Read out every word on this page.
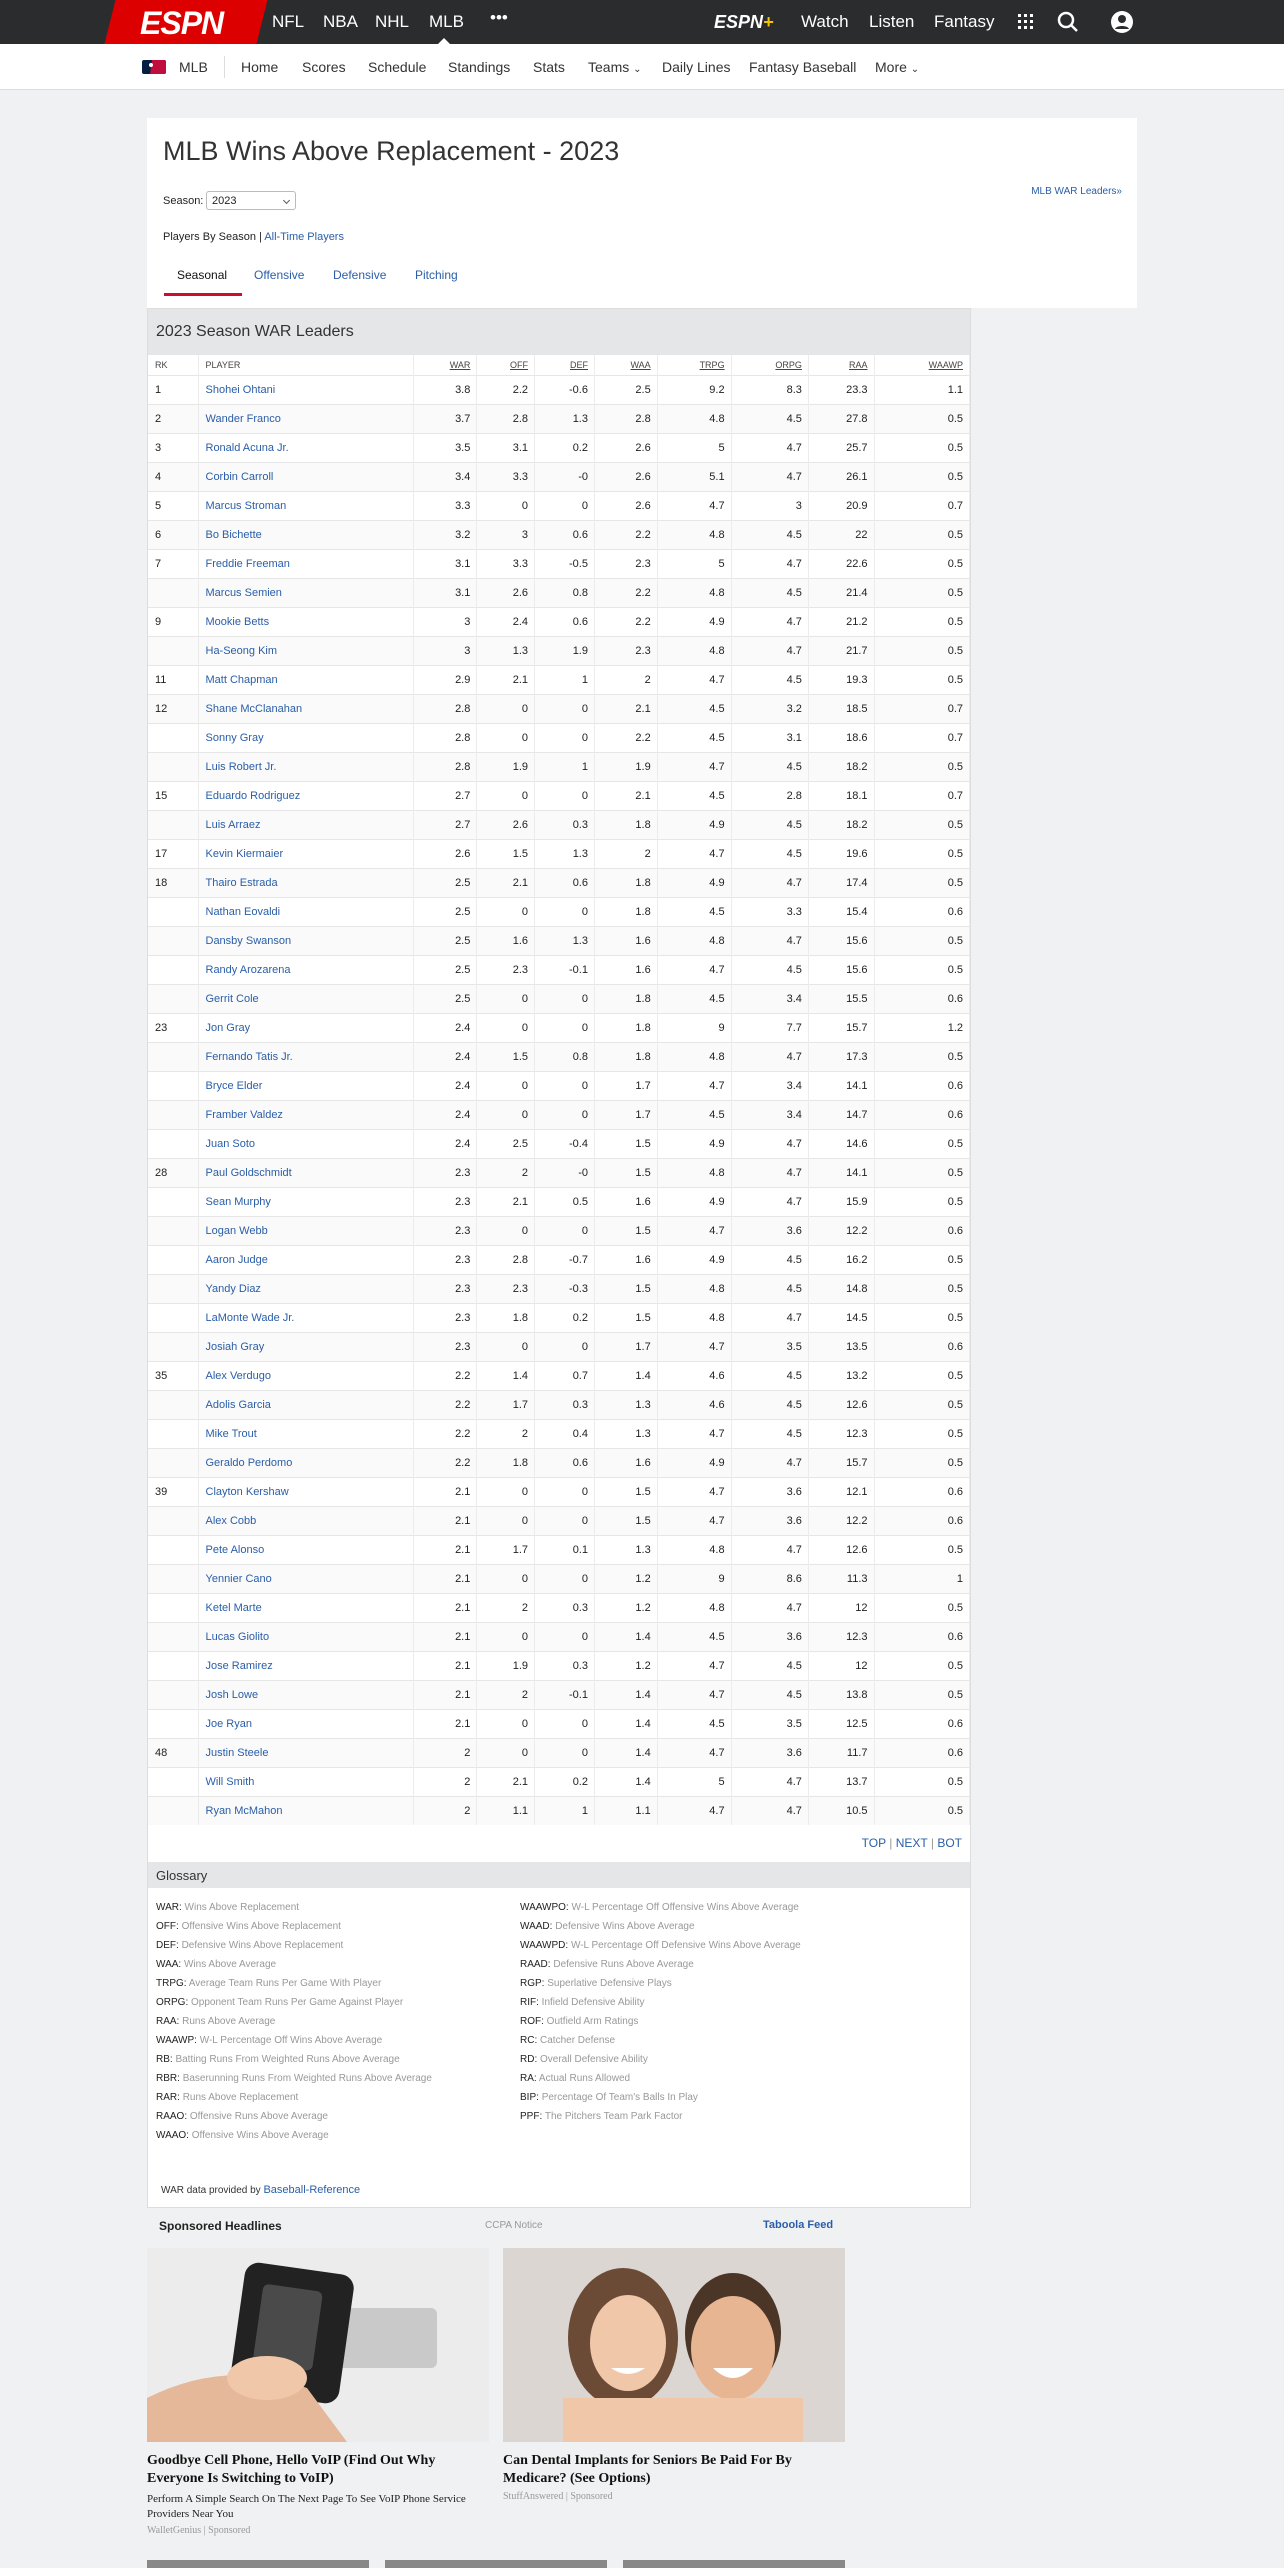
ESPN	NFL NBA NHL MLB •••	ESPN+ Watch Listen Fantasy
MLB Home Scores Schedule Standings Stats Teams ⌄ Daily Lines Fantasy Baseball More ⌄
MLB Wins Above Replacement - 2023
Season: 2023
MLB WAR Leaders»
Players By Season | All-Time Players
Seasonal Offensive Defensive Pitching
2023 Season WAR Leaders
RK	PLAYER	WAR	OFF	DEF	WAA	TRPG	ORPG	RAA	WAAWP
1	Shohei Ohtani	3.8	2.2	-0.6	2.5	9.2	8.3	23.3	1.1
2	Wander Franco	3.7	2.8	1.3	2.8	4.8	4.5	27.8	0.5
3	Ronald Acuna Jr.	3.5	3.1	0.2	2.6	5	4.7	25.7	0.5
4	Corbin Carroll	3.4	3.3	-0	2.6	5.1	4.7	26.1	0.5
5	Marcus Stroman	3.3	0	0	2.6	4.7	3	20.9	0.7
6	Bo Bichette	3.2	3	0.6	2.2	4.8	4.5	22	0.5
7	Freddie Freeman	3.1	3.3	-0.5	2.3	5	4.7	22.6	0.5
	Marcus Semien	3.1	2.6	0.8	2.2	4.8	4.5	21.4	0.5
9	Mookie Betts	3	2.4	0.6	2.2	4.9	4.7	21.2	0.5
	Ha-Seong Kim	3	1.3	1.9	2.3	4.8	4.7	21.7	0.5
11	Matt Chapman	2.9	2.1	1	2	4.7	4.5	19.3	0.5
12	Shane McClanahan	2.8	0	0	2.1	4.5	3.2	18.5	0.7
	Sonny Gray	2.8	0	0	2.2	4.5	3.1	18.6	0.7
	Luis Robert Jr.	2.8	1.9	1	1.9	4.7	4.5	18.2	0.5
15	Eduardo Rodriguez	2.7	0	0	2.1	4.5	2.8	18.1	0.7
	Luis Arraez	2.7	2.6	0.3	1.8	4.9	4.5	18.2	0.5
17	Kevin Kiermaier	2.6	1.5	1.3	2	4.7	4.5	19.6	0.5
18	Thairo Estrada	2.5	2.1	0.6	1.8	4.9	4.7	17.4	0.5
	Nathan Eovaldi	2.5	0	0	1.8	4.5	3.3	15.4	0.6
	Dansby Swanson	2.5	1.6	1.3	1.6	4.8	4.7	15.6	0.5
	Randy Arozarena	2.5	2.3	-0.1	1.6	4.7	4.5	15.6	0.5
	Gerrit Cole	2.5	0	0	1.8	4.5	3.4	15.5	0.6
23	Jon Gray	2.4	0	0	1.8	9	7.7	15.7	1.2
	Fernando Tatis Jr.	2.4	1.5	0.8	1.8	4.8	4.7	17.3	0.5
	Bryce Elder	2.4	0	0	1.7	4.7	3.4	14.1	0.6
	Framber Valdez	2.4	0	0	1.7	4.5	3.4	14.7	0.6
	Juan Soto	2.4	2.5	-0.4	1.5	4.9	4.7	14.6	0.5
28	Paul Goldschmidt	2.3	2	-0	1.5	4.8	4.7	14.1	0.5
	Sean Murphy	2.3	2.1	0.5	1.6	4.9	4.7	15.9	0.5
	Logan Webb	2.3	0	0	1.5	4.7	3.6	12.2	0.6
	Aaron Judge	2.3	2.8	-0.7	1.6	4.9	4.5	16.2	0.5
	Yandy Diaz	2.3	2.3	-0.3	1.5	4.8	4.5	14.8	0.5
	LaMonte Wade Jr.	2.3	1.8	0.2	1.5	4.8	4.7	14.5	0.5
	Josiah Gray	2.3	0	0	1.7	4.7	3.5	13.5	0.6
35	Alex Verdugo	2.2	1.4	0.7	1.4	4.6	4.5	13.2	0.5
	Adolis Garcia	2.2	1.7	0.3	1.3	4.6	4.5	12.6	0.5
	Mike Trout	2.2	2	0.4	1.3	4.7	4.5	12.3	0.5
	Geraldo Perdomo	2.2	1.8	0.6	1.6	4.9	4.7	15.7	0.5
39	Clayton Kershaw	2.1	0	0	1.5	4.7	3.6	12.1	0.6
	Alex Cobb	2.1	0	0	1.5	4.7	3.6	12.2	0.6
	Pete Alonso	2.1	1.7	0.1	1.3	4.8	4.7	12.6	0.5
	Yennier Cano	2.1	0	0	1.2	9	8.6	11.3	1
	Ketel Marte	2.1	2	0.3	1.2	4.8	4.7	12	0.5
	Lucas Giolito	2.1	0	0	1.4	4.5	3.6	12.3	0.6
	Jose Ramirez	2.1	1.9	0.3	1.2	4.7	4.5	12	0.5
	Josh Lowe	2.1	2	-0.1	1.4	4.7	4.5	13.8	0.5
	Joe Ryan	2.1	0	0	1.4	4.5	3.5	12.5	0.6
48	Justin Steele	2	0	0	1.4	4.7	3.6	11.7	0.6
	Will Smith	2	2.1	0.2	1.4	5	4.7	13.7	0.5
	Ryan McMahon	2	1.1	1	1.1	4.7	4.7	10.5	0.5
TOP | NEXT | BOT
Glossary
WAR: Wins Above Replacement
OFF: Offensive Wins Above Replacement
DEF: Defensive Wins Above Replacement
WAA: Wins Above Average
TRPG: Average Team Runs Per Game With Player
ORPG: Opponent Team Runs Per Game Against Player
RAA: Runs Above Average
WAAWP: W-L Percentage Off Wins Above Average
RB: Batting Runs From Weighted Runs Above Average
RBR: Baserunning Runs From Weighted Runs Above Average
RAR: Runs Above Replacement
RAAO: Offensive Runs Above Average
WAAO: Offensive Wins Above Average
WAAWPO: W-L Percentage Off Offensive Wins Above Average
WAAD: Defensive Wins Above Average
WAAWPD: W-L Percentage Off Defensive Wins Above Average
RAAD: Defensive Runs Above Average
RGP: Superlative Defensive Plays
RIF: Infield Defensive Ability
ROF: Outfield Arm Ratings
RC: Catcher Defense
RD: Overall Defensive Ability
RA: Actual Runs Allowed
BIP: Percentage Of Team's Balls In Play
PPF: The Pitchers Team Park Factor
WAR data provided by Baseball-Reference
Sponsored Headlines	CCPA Notice	Taboola Feed
Goodbye Cell Phone, Hello VoIP (Find Out Why Everyone Is Switching to VoIP)
Perform A Simple Search On The Next Page To See VoIP Phone Service Providers Near You
WalletGenius | Sponsored
Can Dental Implants for Seniors Be Paid For By Medicare? (See Options)
StuffAnswered | Sponsored
